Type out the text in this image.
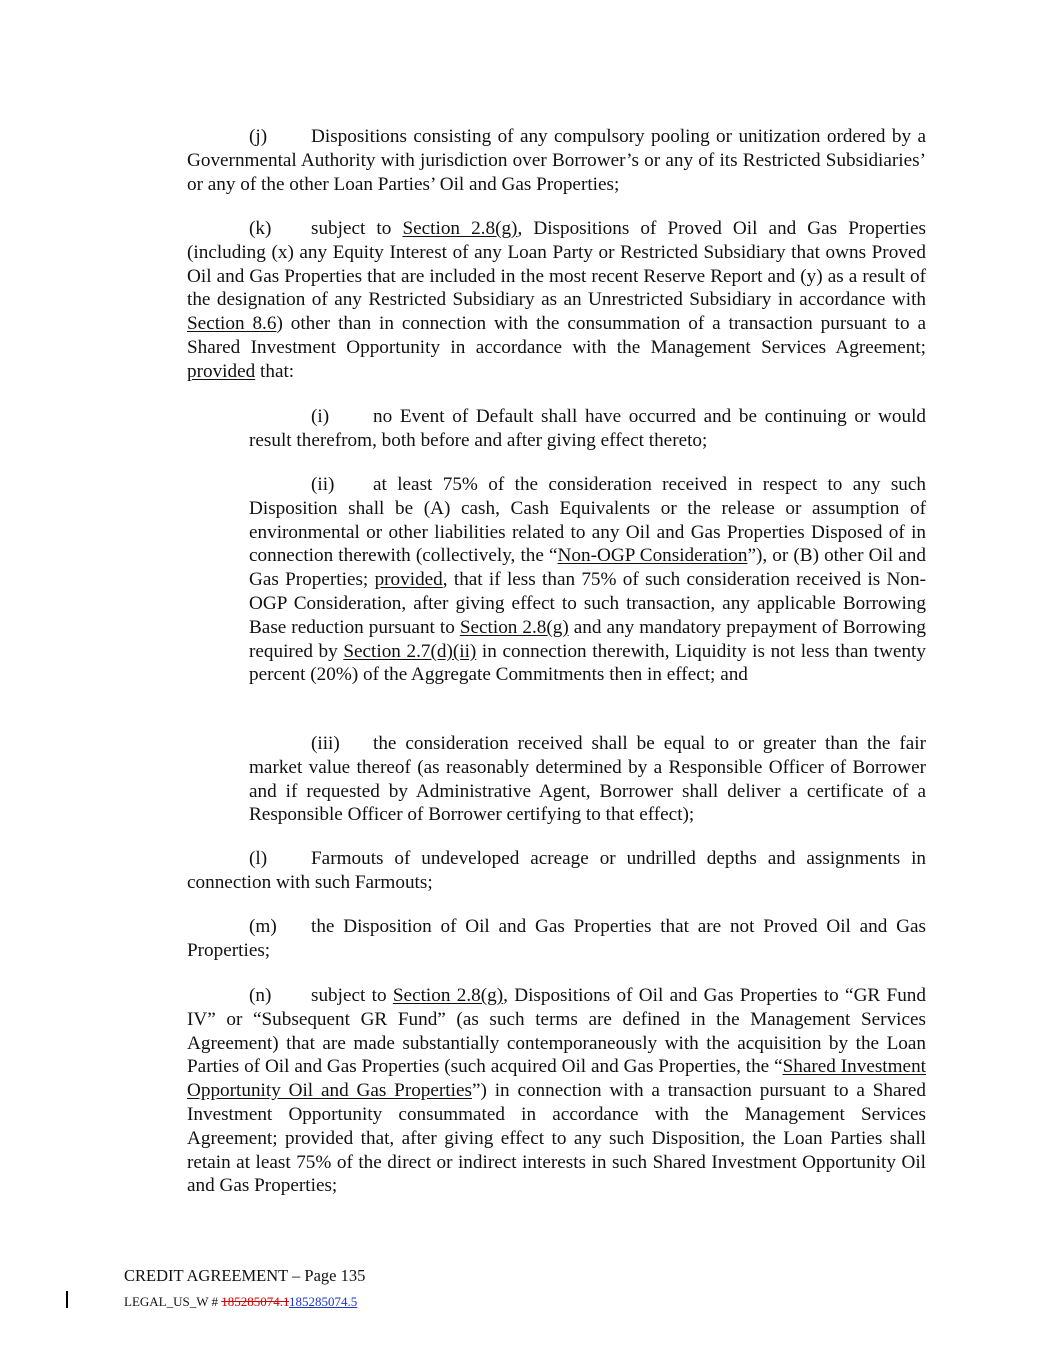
(j) Dispositions consisting of any compulsory pooling or unitization ordered by a Governmental Authority with jurisdiction over Borrower’s or any of its Restricted Subsidiaries’ or any of the other Loan Parties’ Oil and Gas Properties;

(k) subject to Section 2.8(g), Dispositions of Proved Oil and Gas Properties (including (x) any Equity Interest of any Loan Party or Restricted Subsidiary that owns Proved Oil and Gas Properties that are included in the most recent Reserve Report and (y) as a result of the designation of any Restricted Subsidiary as an Unrestricted Subsidiary in accordance with Section 8.6) other than in connection with the consummation of a transaction pursuant to a Shared Investment Opportunity in accordance with the Management Services Agreement; provided that:

(i) no Event of Default shall have occurred and be continuing or would result therefrom, both before and after giving effect thereto;

(ii) at least 75% of the consideration received in respect to any such Disposition shall be (A) cash, Cash Equivalents or the release or assumption of environmental or other liabilities related to any Oil and Gas Properties Disposed of in connection therewith (collectively, the “Non-OGP Consideration”), or (B) other Oil and Gas Properties; provided, that if less than 75% of such consideration received is Non-OGP Consideration, after giving effect to such transaction, any applicable Borrowing Base reduction pursuant to Section 2.8(g) and any mandatory prepayment of Borrowing required by Section 2.7(d)(ii) in connection therewith, Liquidity is not less than twenty percent (20%) of the Aggregate Commitments then in effect; and

(iii) the consideration received shall be equal to or greater than the fair market value thereof (as reasonably determined by a Responsible Officer of Borrower and if requested by Administrative Agent, Borrower shall deliver a certificate of a Responsible Officer of Borrower certifying to that effect);

(l) Farmouts of undeveloped acreage or undrilled depths and assignments in connection with such Farmouts;

(m) the Disposition of Oil and Gas Properties that are not Proved Oil and Gas Properties;

(n) subject to Section 2.8(g), Dispositions of Oil and Gas Properties to “GR Fund IV” or “Subsequent GR Fund” (as such terms are defined in the Management Services Agreement) that are made substantially contemporaneously with the acquisition by the Loan Parties of Oil and Gas Properties (such acquired Oil and Gas Properties, the “Shared Investment Opportunity Oil and Gas Properties”) in connection with a transaction pursuant to a Shared Investment Opportunity consummated in accordance with the Management Services Agreement; provided that, after giving effect to any such Disposition, the Loan Parties shall retain at least 75% of the direct or indirect interests in such Shared Investment Opportunity Oil and Gas Properties;

CREDIT AGREEMENT – Page 135

LEGAL_US_W # 185285074.1185285074.5
